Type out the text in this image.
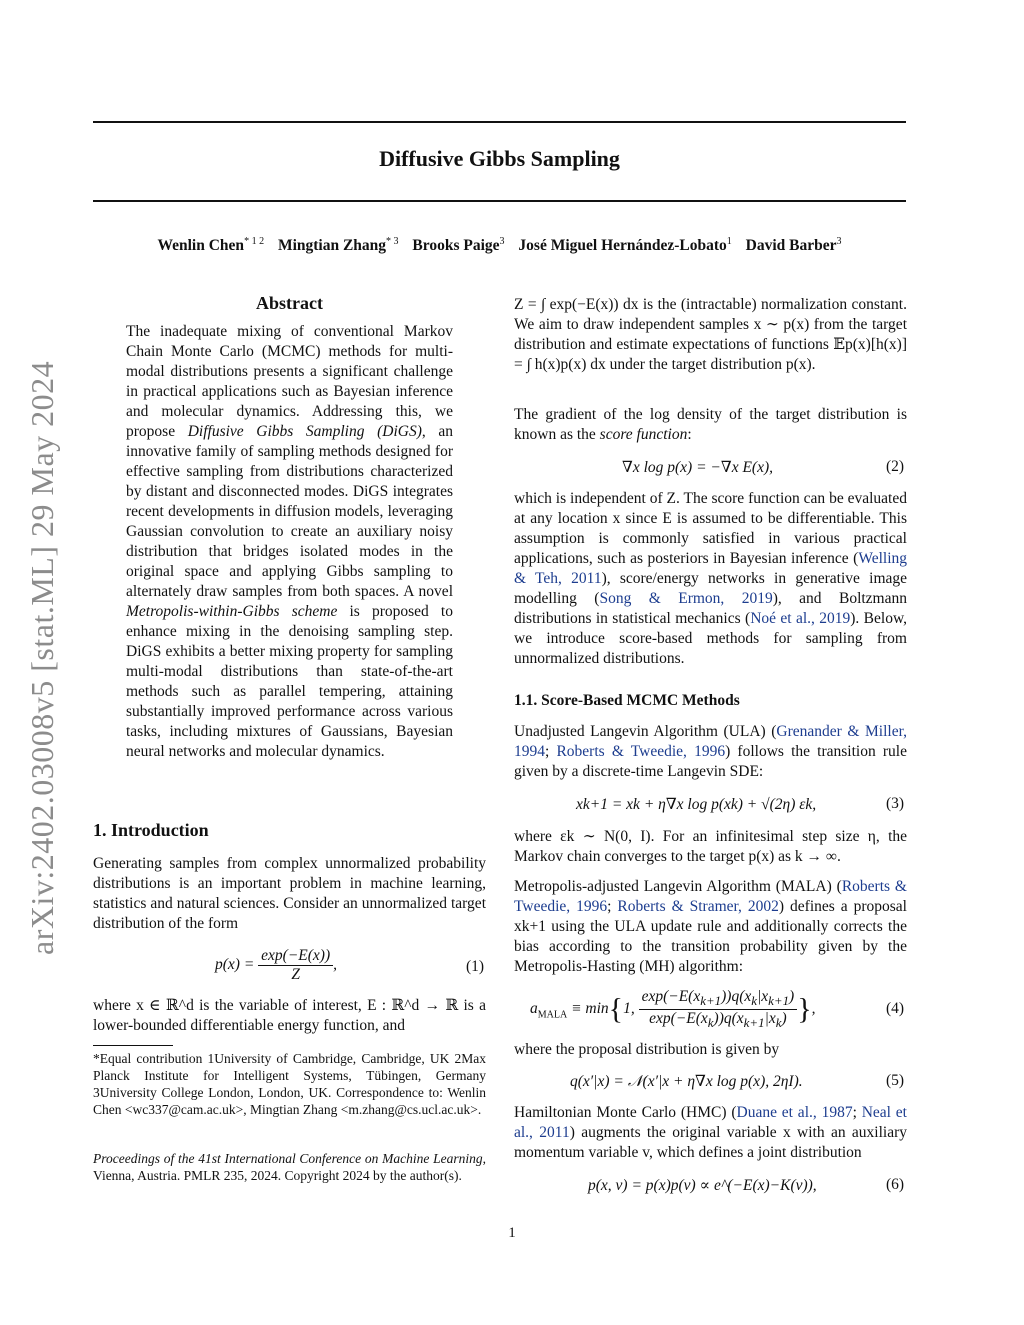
Diffusive Gibbs Sampling
Wenlin Chen$^{* 1 2}$ Mingtian Zhang$^{* 3}$ Brooks Paige$^3$ José Miguel Hernández-Lobato$^1$ David Barber$^3$
arXiv:2402.03008v5 [stat.ML] 29 May 2024
Abstract
The inadequate mixing of conventional Markov Chain Monte Carlo (MCMC) methods for multi-modal distributions presents a significant challenge in practical applications such as Bayesian inference and molecular dynamics. Addressing this, we propose Diffusive Gibbs Sampling (DiGS), an innovative family of sampling methods designed for effective sampling from distributions characterized by distant and disconnected modes. DiGS integrates recent developments in diffusion models, leveraging Gaussian convolution to create an auxiliary noisy distribution that bridges isolated modes in the original space and applying Gibbs sampling to alternately draw samples from both spaces. A novel Metropolis-within-Gibbs scheme is proposed to enhance mixing in the denoising sampling step. DiGS exhibits a better mixing property for sampling multi-modal distributions than state-of-the-art methods such as parallel tempering, attaining substantially improved performance across various tasks, including mixtures of Gaussians, Bayesian neural networks and molecular dynamics.
1. Introduction
Generating samples from complex unnormalized probability distributions is an important problem in machine learning, statistics and natural sciences. Consider an unnormalized target distribution of the form
$p(x) = \frac{\exp(-E(x))}{Z}$ ,	(1)
where x ∈ ℝ^d is the variable of interest, E : ℝ^d → ℝ is a lower-bounded differentiable energy function, and
*Equal contribution 1University of Cambridge, Cambridge, UK 2Max Planck Institute for Intelligent Systems, Tübingen, Germany 3University College London, London, UK. Correspondence to: Wenlin Chen <wc337@cam.ac.uk>, Mingtian Zhang <m.zhang@cs.ucl.ac.uk>.
Proceedings of the 41st International Conference on Machine Learning, Vienna, Austria. PMLR 235, 2024. Copyright 2024 by the author(s).
Z = ∫ exp(−E(x)) dx is the (intractable) normalization constant. We aim to draw independent samples x ∼ p(x) from the target distribution and estimate expectations of functions 𝔼p(x)[h(x)] = ∫ h(x)p(x) dx under the target distribution p(x).
The gradient of the log density of the target distribution is known as the score function:
∇x log p(x) = −∇x E(x),	(2)
which is independent of Z. The score function can be evaluated at any location x since E is assumed to be differentiable. This assumption is commonly satisfied in various practical applications, such as posteriors in Bayesian inference (Welling & Teh, 2011), score/energy networks in generative image modelling (Song & Ermon, 2019), and Boltzmann distributions in statistical mechanics (Noé et al., 2019). Below, we introduce score-based methods for sampling from unnormalized distributions.
1.1. Score-Based MCMC Methods
Unadjusted Langevin Algorithm (ULA) (Grenander & Miller, 1994; Roberts & Tweedie, 1996) follows the transition rule given by a discrete-time Langevin SDE:
xk+1 = xk + η∇x log p(xk) + √(2η) εk,	(3)
where εk ∼ N(0, I). For an infinitesimal step size η, the Markov chain converges to the target p(x) as k → ∞.
Metropolis-adjusted Langevin Algorithm (MALA) (Roberts & Tweedie, 1996; Roberts & Stramer, 2002) defines a proposal xk+1 using the ULA update rule and additionally corrects the bias according to the transition probability given by the Metropolis-Hasting (MH) algorithm:
$a_{MALA} \equiv \min\{1$, $\frac{\exp(-E(x_{k+1}))q(x_k|x_{k+1})}{\exp(-E(x_k))q(x_{k+1}|x_k)}$ },	(4)
where the proposal distribution is given by
q(x′|x) = 𝒩(x′|x + η∇x log p(x), 2ηI).	(5)
Hamiltonian Monte Carlo (HMC) (Duane et al., 1987; Neal et al., 2011) augments the original variable x with an auxiliary momentum variable v, which defines a joint distribution
p(x, v) = p(x)p(v) ∝ e^(−E(x)−K(v)),	(6)
1
